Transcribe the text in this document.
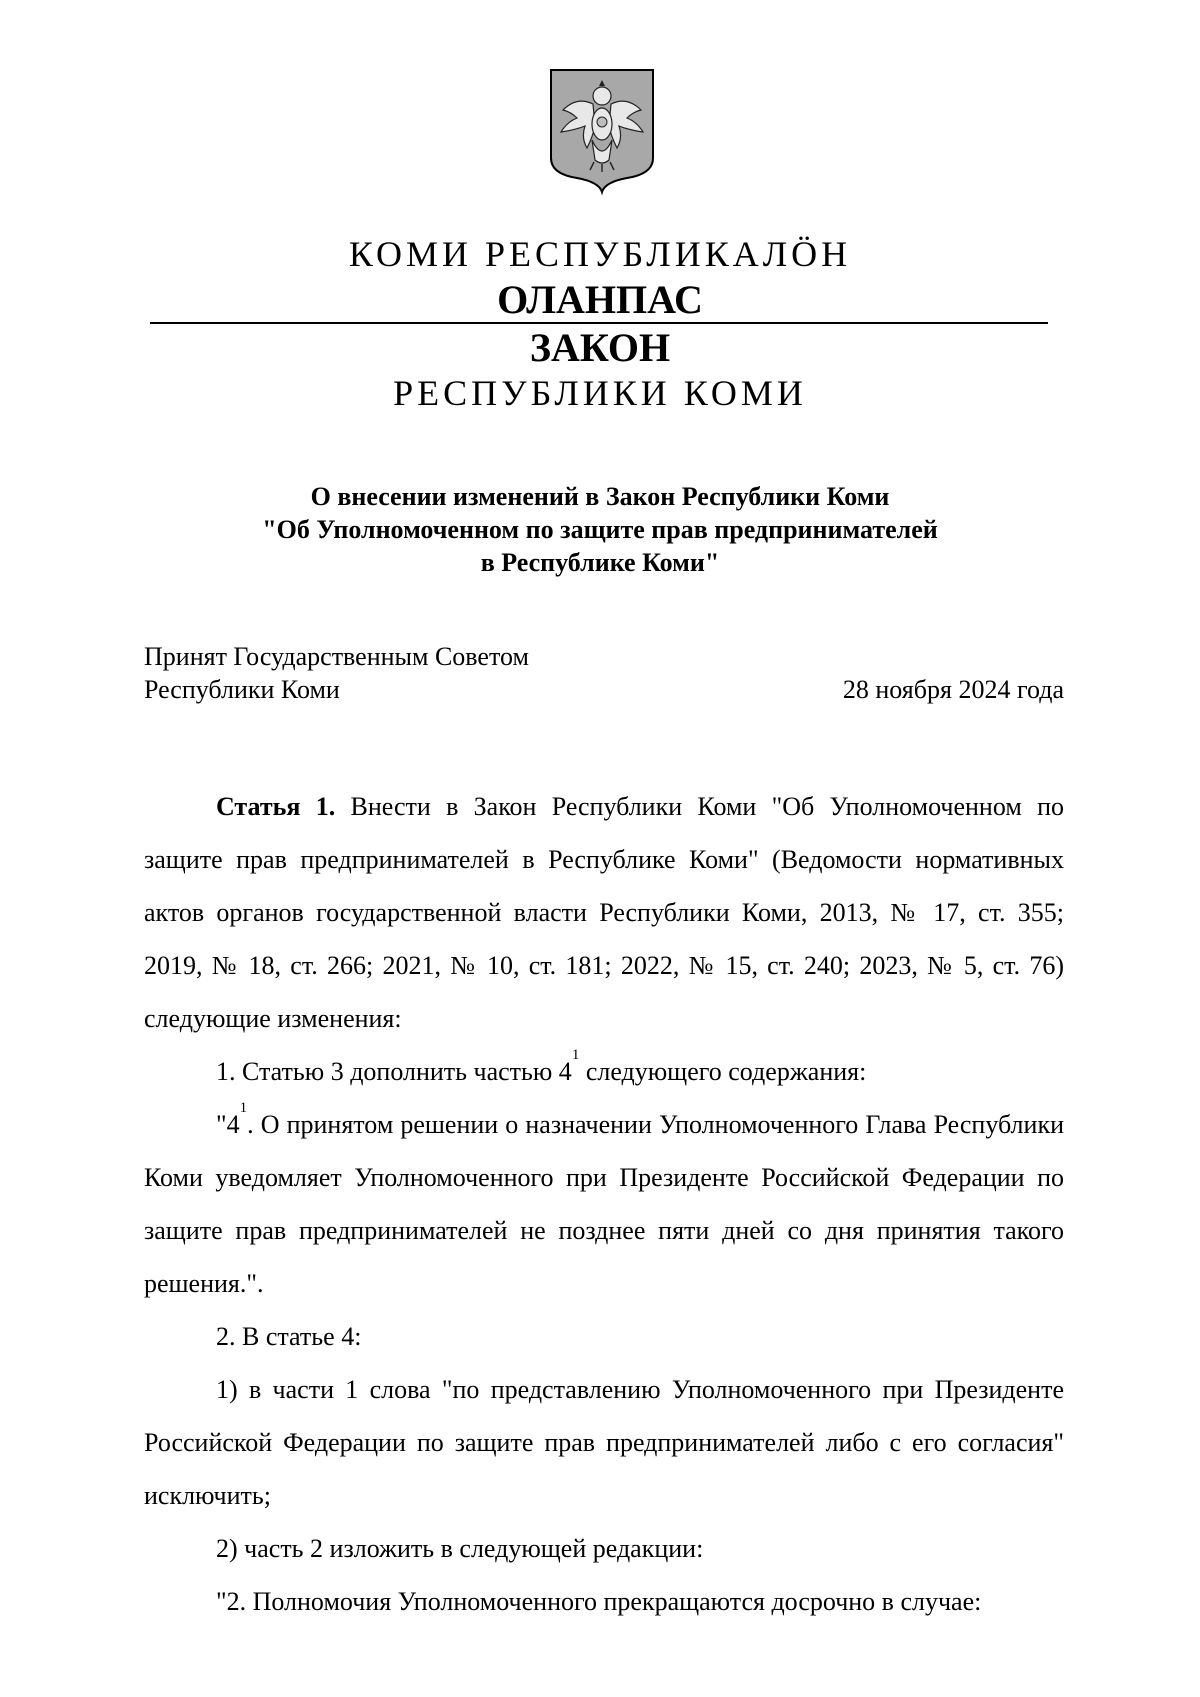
КОМИ РЕСПУБЛИКАЛÖН
ОЛАНПАС
ЗАКОН
РЕСПУБЛИКИ КОМИ
О внесении изменений в Закон Республики Коми
"Об Уполномоченном по защите прав предпринимателей
в Республике Коми"
Принят Государственным Советом
Республики Коми	28 ноября 2024 года

Статья 1. Внести в Закон Республики Коми "Об Уполномоченном по защите прав предпринимателей в Республике Коми" (Ведомости нормативных актов органов государственной власти Республики Коми, 2013, № 17, ст. 355; 2019, № 18, ст. 266; 2021, № 10, ст. 181; 2022, № 15, ст. 240; 2023, № 5, ст. 76) следующие изменения:

1. Статью 3 дополнить частью $4^1$ следующего содержания:

"$4^1$. О принятом решении о назначении Уполномоченного Глава Республики Коми уведомляет Уполномоченного при Президенте Российской Федерации по защите прав предпринимателей не позднее пяти дней со дня принятия такого решения.".

2. В статье 4:

1) в части 1 слова "по представлению Уполномоченного при Президенте Российской Федерации по защите прав предпринимателей либо с его согласия" исключить;

2) часть 2 изложить в следующей редакции:

"2. Полномочия Уполномоченного прекращаются досрочно в случае:
